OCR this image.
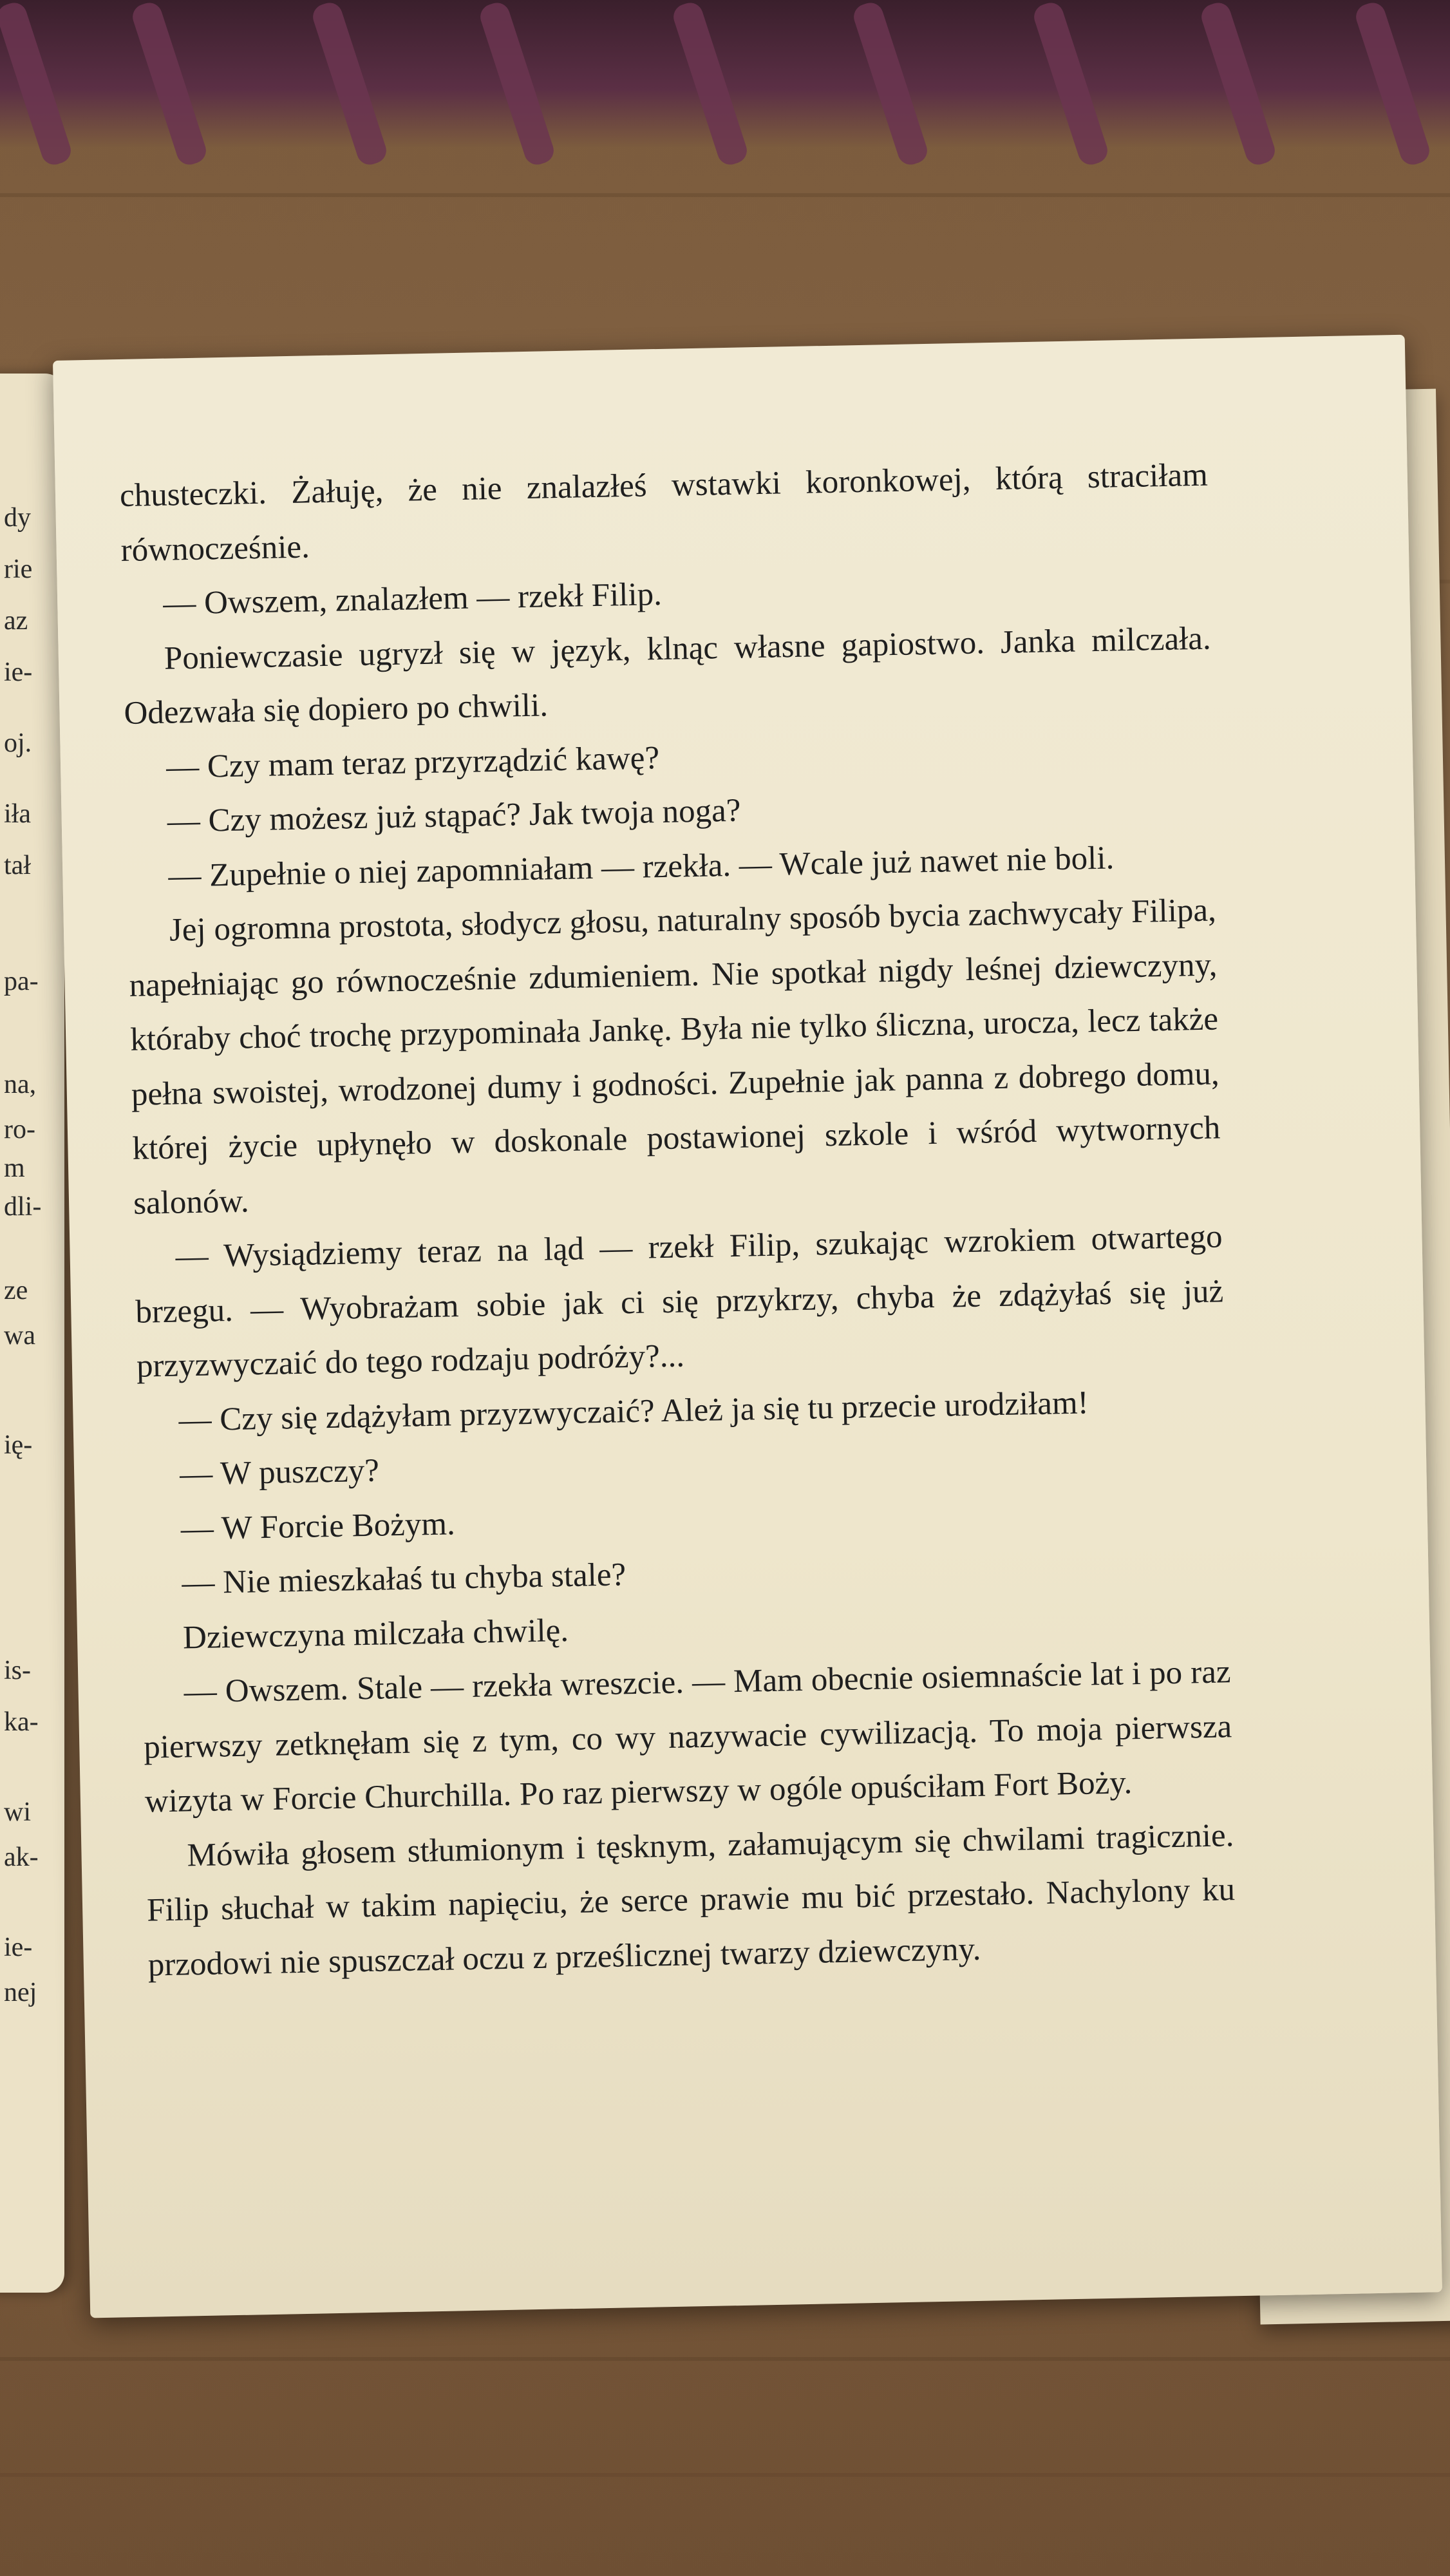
dy
rie
az
ie-
oj.
iła
tał
pa-
na,
ro-
m
dli-
ze
wa
ię-
is-
ka-
wi
ak-
ie-
nej

chusteczki. Żałuję, że nie znalazłeś wstawki koronkowej, którą straciłam równocześnie.

— Owszem, znalazłem — rzekł Filip.

Poniewczasie ugryzł się w język, klnąc własne gapiostwo. Janka milczała. Odezwała się dopiero po chwili.

— Czy mam teraz przyrządzić kawę?

— Czy możesz już stąpać? Jak twoja noga?

— Zupełnie o niej zapomniałam — rzekła. — Wcale już nawet nie boli.

Jej ogromna prostota, słodycz głosu, naturalny sposób bycia zachwycały Filipa, napełniając go równocześnie zdumieniem. Nie spotkał nigdy leśnej dziewczyny, któraby choć trochę przypominała Jankę. Była nie tylko śliczna, urocza, lecz także pełna swoistej, wrodzonej dumy i godności. Zupełnie jak panna z dobrego domu, której życie upłynęło w doskonale postawionej szkole i wśród wytwornych salonów.

— Wysiądziemy teraz na ląd — rzekł Filip, szukając wzrokiem otwartego brzegu. — Wyobrażam sobie jak ci się przykrzy, chyba że zdążyłaś się już przyzwyczaić do tego rodzaju podróży?...

— Czy się zdążyłam przyzwyczaić? Ależ ja się tu przecie urodziłam!

— W puszczy?

— W Forcie Bożym.

— Nie mieszkałaś tu chyba stale?

Dziewczyna milczała chwilę.

— Owszem. Stale — rzekła wreszcie. — Mam obecnie osiemnaście lat i po raz pierwszy zetknęłam się z tym, co wy nazywacie cywilizacją. To moja pierwsza wizyta w Forcie Churchilla. Po raz pierwszy w ogóle opuściłam Fort Boży.

Mówiła głosem stłumionym i tęsknym, załamującym się chwilami tragicznie. Filip słuchał w takim napięciu, że serce prawie mu bić przestało. Nachylony ku przodowi nie spuszczał oczu z prześlicznej twarzy dziewczyny.
